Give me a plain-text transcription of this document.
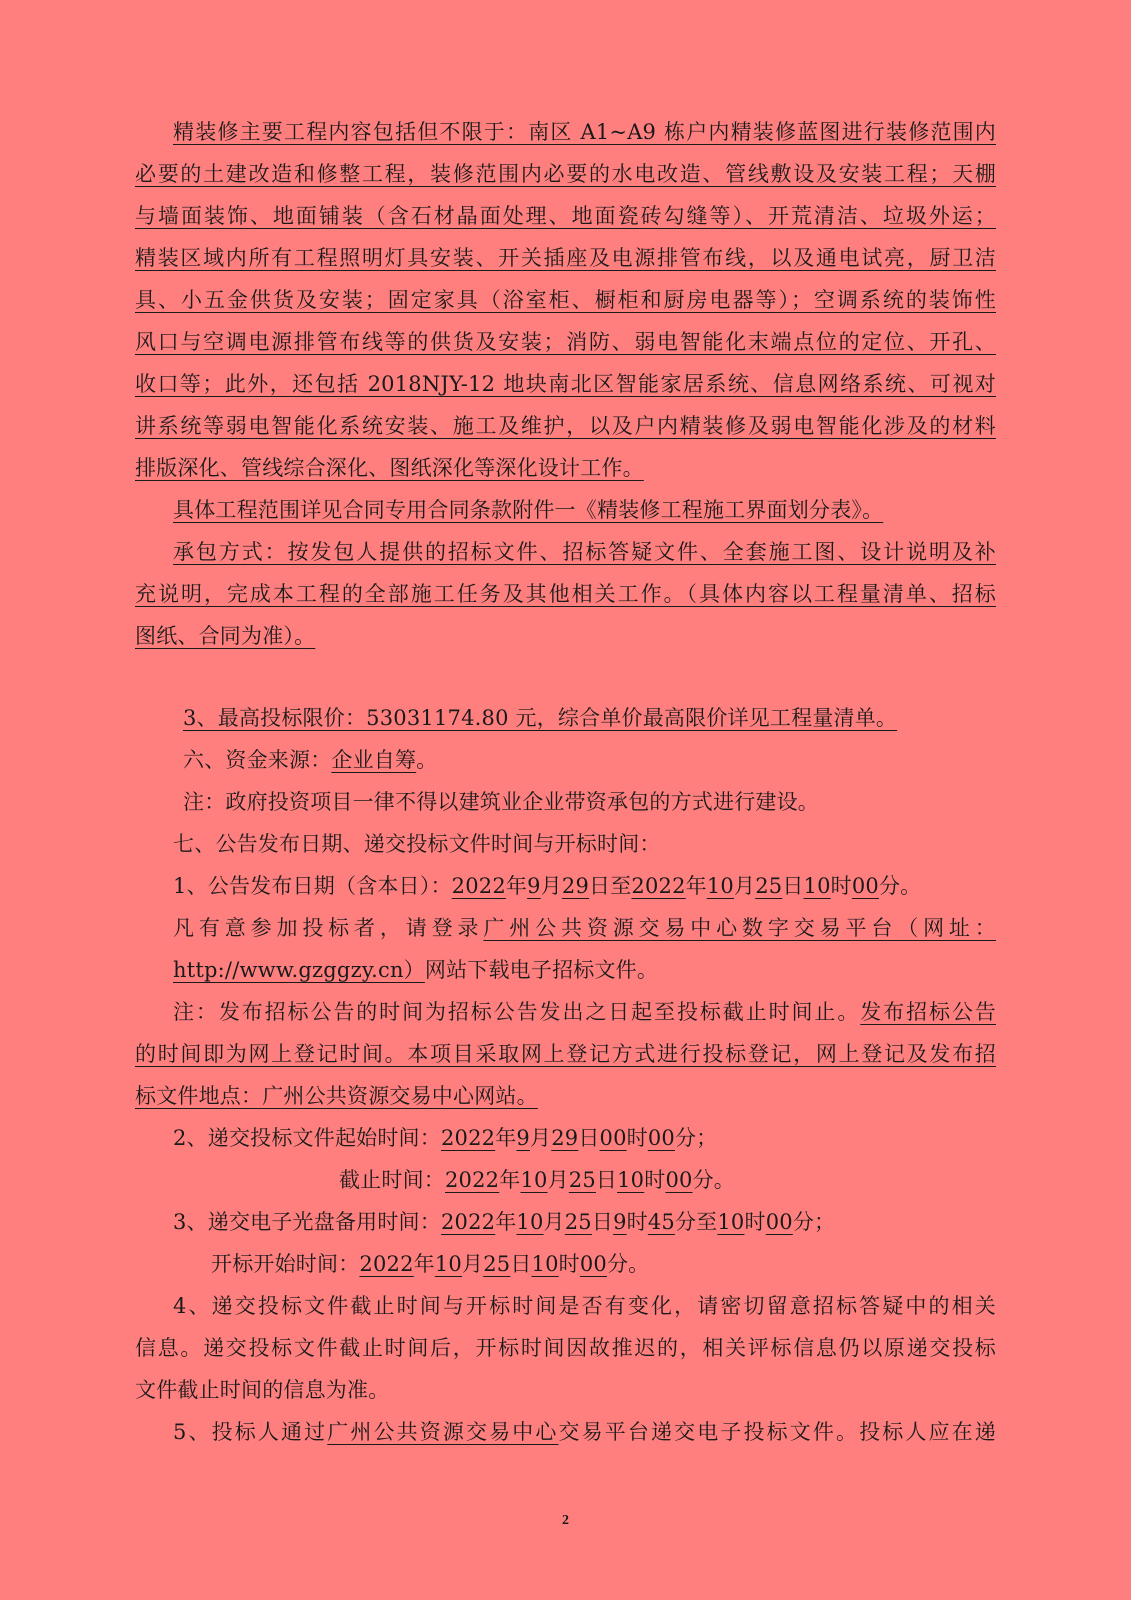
精装修主要工程内容包括但不限于：南区 A1~A9 栋户内精装修蓝图进行装修范围内
必要的土建改造和修整工程，装修范围内必要的水电改造、管线敷设及安装工程；天棚
与墙面装饰、地面铺装（含石材晶面处理、地面瓷砖勾缝等）、开荒清洁、垃圾外运；
精装区域内所有工程照明灯具安装、开关插座及电源排管布线，以及通电试亮，厨卫洁
具、小五金供货及安装；固定家具（浴室柜、橱柜和厨房电器等）；空调系统的装饰性
风口与空调电源排管布线等的供货及安装；消防、弱电智能化末端点位的定位、开孔、
收口等；此外，还包括 2018NJY-12 地块南北区智能家居系统、信息网络系统、可视对
讲系统等弱电智能化系统安装、施工及维护，以及户内精装修及弱电智能化涉及的材料
排版深化、管线综合深化、图纸深化等深化设计工作。
具体工程范围详见合同专用合同条款附件一《精装修工程施工界面划分表》。
承包方式：按发包人提供的招标文件、招标答疑文件、全套施工图、设计说明及补
充说明，完成本工程的全部施工任务及其他相关工作。（具体内容以工程量清单、招标
图纸、合同为准）。
3、最高投标限价：53031174.80 元，综合单价最高限价详见工程量清单。
六、资金来源：企业自筹。
注：政府投资项目一律不得以建筑业企业带资承包的方式进行建设。
七、公告发布日期、递交投标文件时间与开标时间：
1、公告发布日期（含本日）：2022年9月29日至2022年10月25日10时00分。
凡有意参加投标者，请登录广州公共资源交易中心数字交易平台（网址：
http://www.gzggzy.cn）网站下载电子招标文件。
注：发布招标公告的时间为招标公告发出之日起至投标截止时间止。发布招标公告
的时间即为网上登记时间。本项目采取网上登记方式进行投标登记，网上登记及发布招
标文件地点：广州公共资源交易中心网站。
2、递交投标文件起始时间：2022年9月29日00时00分；
截止时间：2022年10月25日10时00分。
3、递交电子光盘备用时间：2022年10月25日9时45分至10时00分；
开标开始时间：2022年10月25日10时00分。
4、递交投标文件截止时间与开标时间是否有变化，请密切留意招标答疑中的相关
信息。递交投标文件截止时间后，开标时间因故推迟的，相关评标信息仍以原递交投标
文件截止时间的信息为准。
5、投标人通过广州公共资源交易中心交易平台递交电子投标文件。投标人应在递
2
